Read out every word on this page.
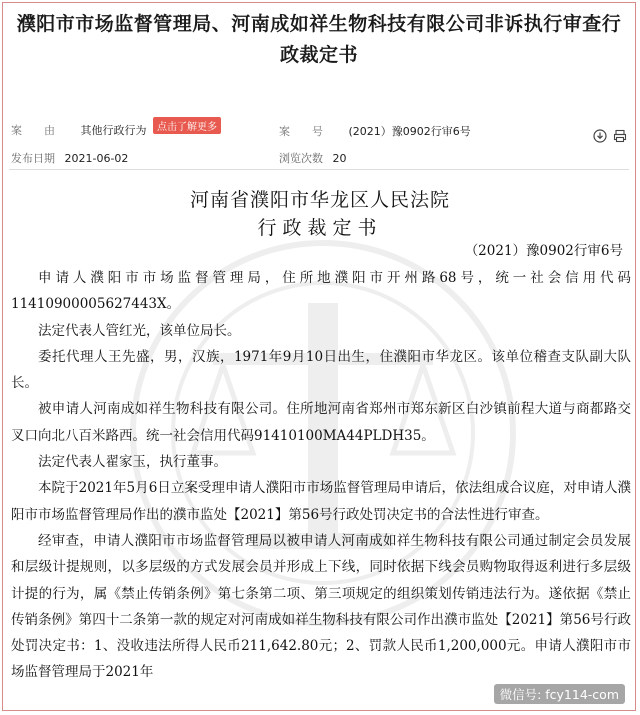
濮阳市市场监督管理局、河南成如祥生物科技有限公司非诉执行审查行政裁定书
案由 其他行政行为 点击了解更多	案号 (2021）豫0902行审6号
发布日期 2021-06-02	浏览次数 20
河南省濮阳市华龙区人民法院
行政裁定书
（2021）豫0902行审6号

申请人濮阳市市场监督管理局，住所地濮阳市开州路68号，统一社会信用代码11410900005627443X。

法定代表人管红光，该单位局长。

委托代理人王先盛，男，汉族，1971年9月10日出生，住濮阳市华龙区。该单位稽查支队副大队长。

被申请人河南成如祥生物科技有限公司。住所地河南省郑州市郑东新区白沙镇前程大道与商都路交叉口向北八百米路西。统一社会信用代码91410100MA44PLDH35。

法定代表人翟家玉，执行董事。

本院于2021年5月6日立案受理申请人濮阳市市场监督管理局申请后，依法组成合议庭，对申请人濮阳市市场监督管理局作出的濮市监处【2021】第56号行政处罚决定书的合法性进行审查。

经审查，申请人濮阳市市场监督管理局以被申请人河南成如祥生物科技有限公司通过制定会员发展和层级计提规则，以多层级的方式发展会员并形成上下线，同时依据下线会员购物取得返利进行多层级计提的行为，属《禁止传销条例》第七条第二项、第三项规定的组织策划传销违法行为。遂依据《禁止传销条例》第四十二条第一款的规定对河南成如祥生物科技有限公司作出濮市监处【2021】第56号行政处罚决定书：1、没收违法所得人民币211,642.80元；2、罚款人民币1,200,000元。申请人濮阳市市场监督管理局于2021年

微信号: fcy114-com
